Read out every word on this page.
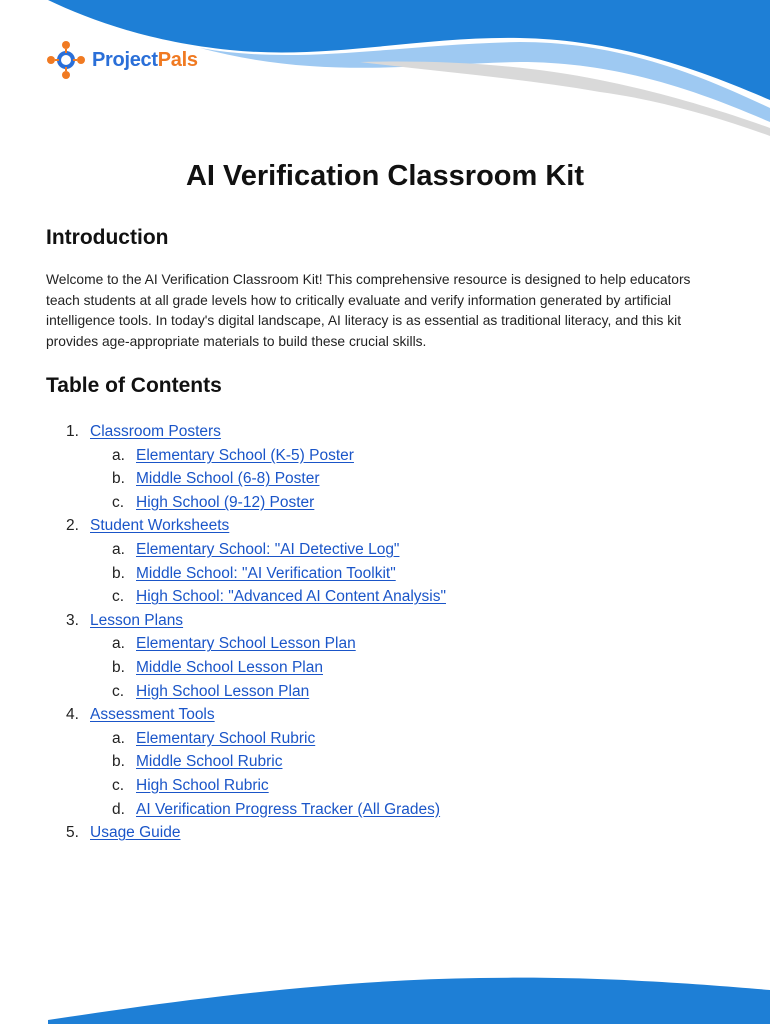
ProjectPals
AI Verification Classroom Kit
Introduction

Welcome to the AI Verification Classroom Kit! This comprehensive resource is designed to help educators teach students at all grade levels how to critically evaluate and verify information generated by artificial intelligence tools. In today's digital landscape, AI literacy is as essential as traditional literacy, and this kit provides age-appropriate materials to build these crucial skills.

Table of Contents
1. Classroom Posters
a. Elementary School (K-5) Poster
b. Middle School (6-8) Poster
c. High School (9-12) Poster
2. Student Worksheets
a. Elementary School: "AI Detective Log"
b. Middle School: "AI Verification Toolkit"
c. High School: "Advanced AI Content Analysis"
3. Lesson Plans
a. Elementary School Lesson Plan
b. Middle School Lesson Plan
c. High School Lesson Plan
4. Assessment Tools
a. Elementary School Rubric
b. Middle School Rubric
c. High School Rubric
d. AI Verification Progress Tracker (All Grades)
5. Usage Guide
